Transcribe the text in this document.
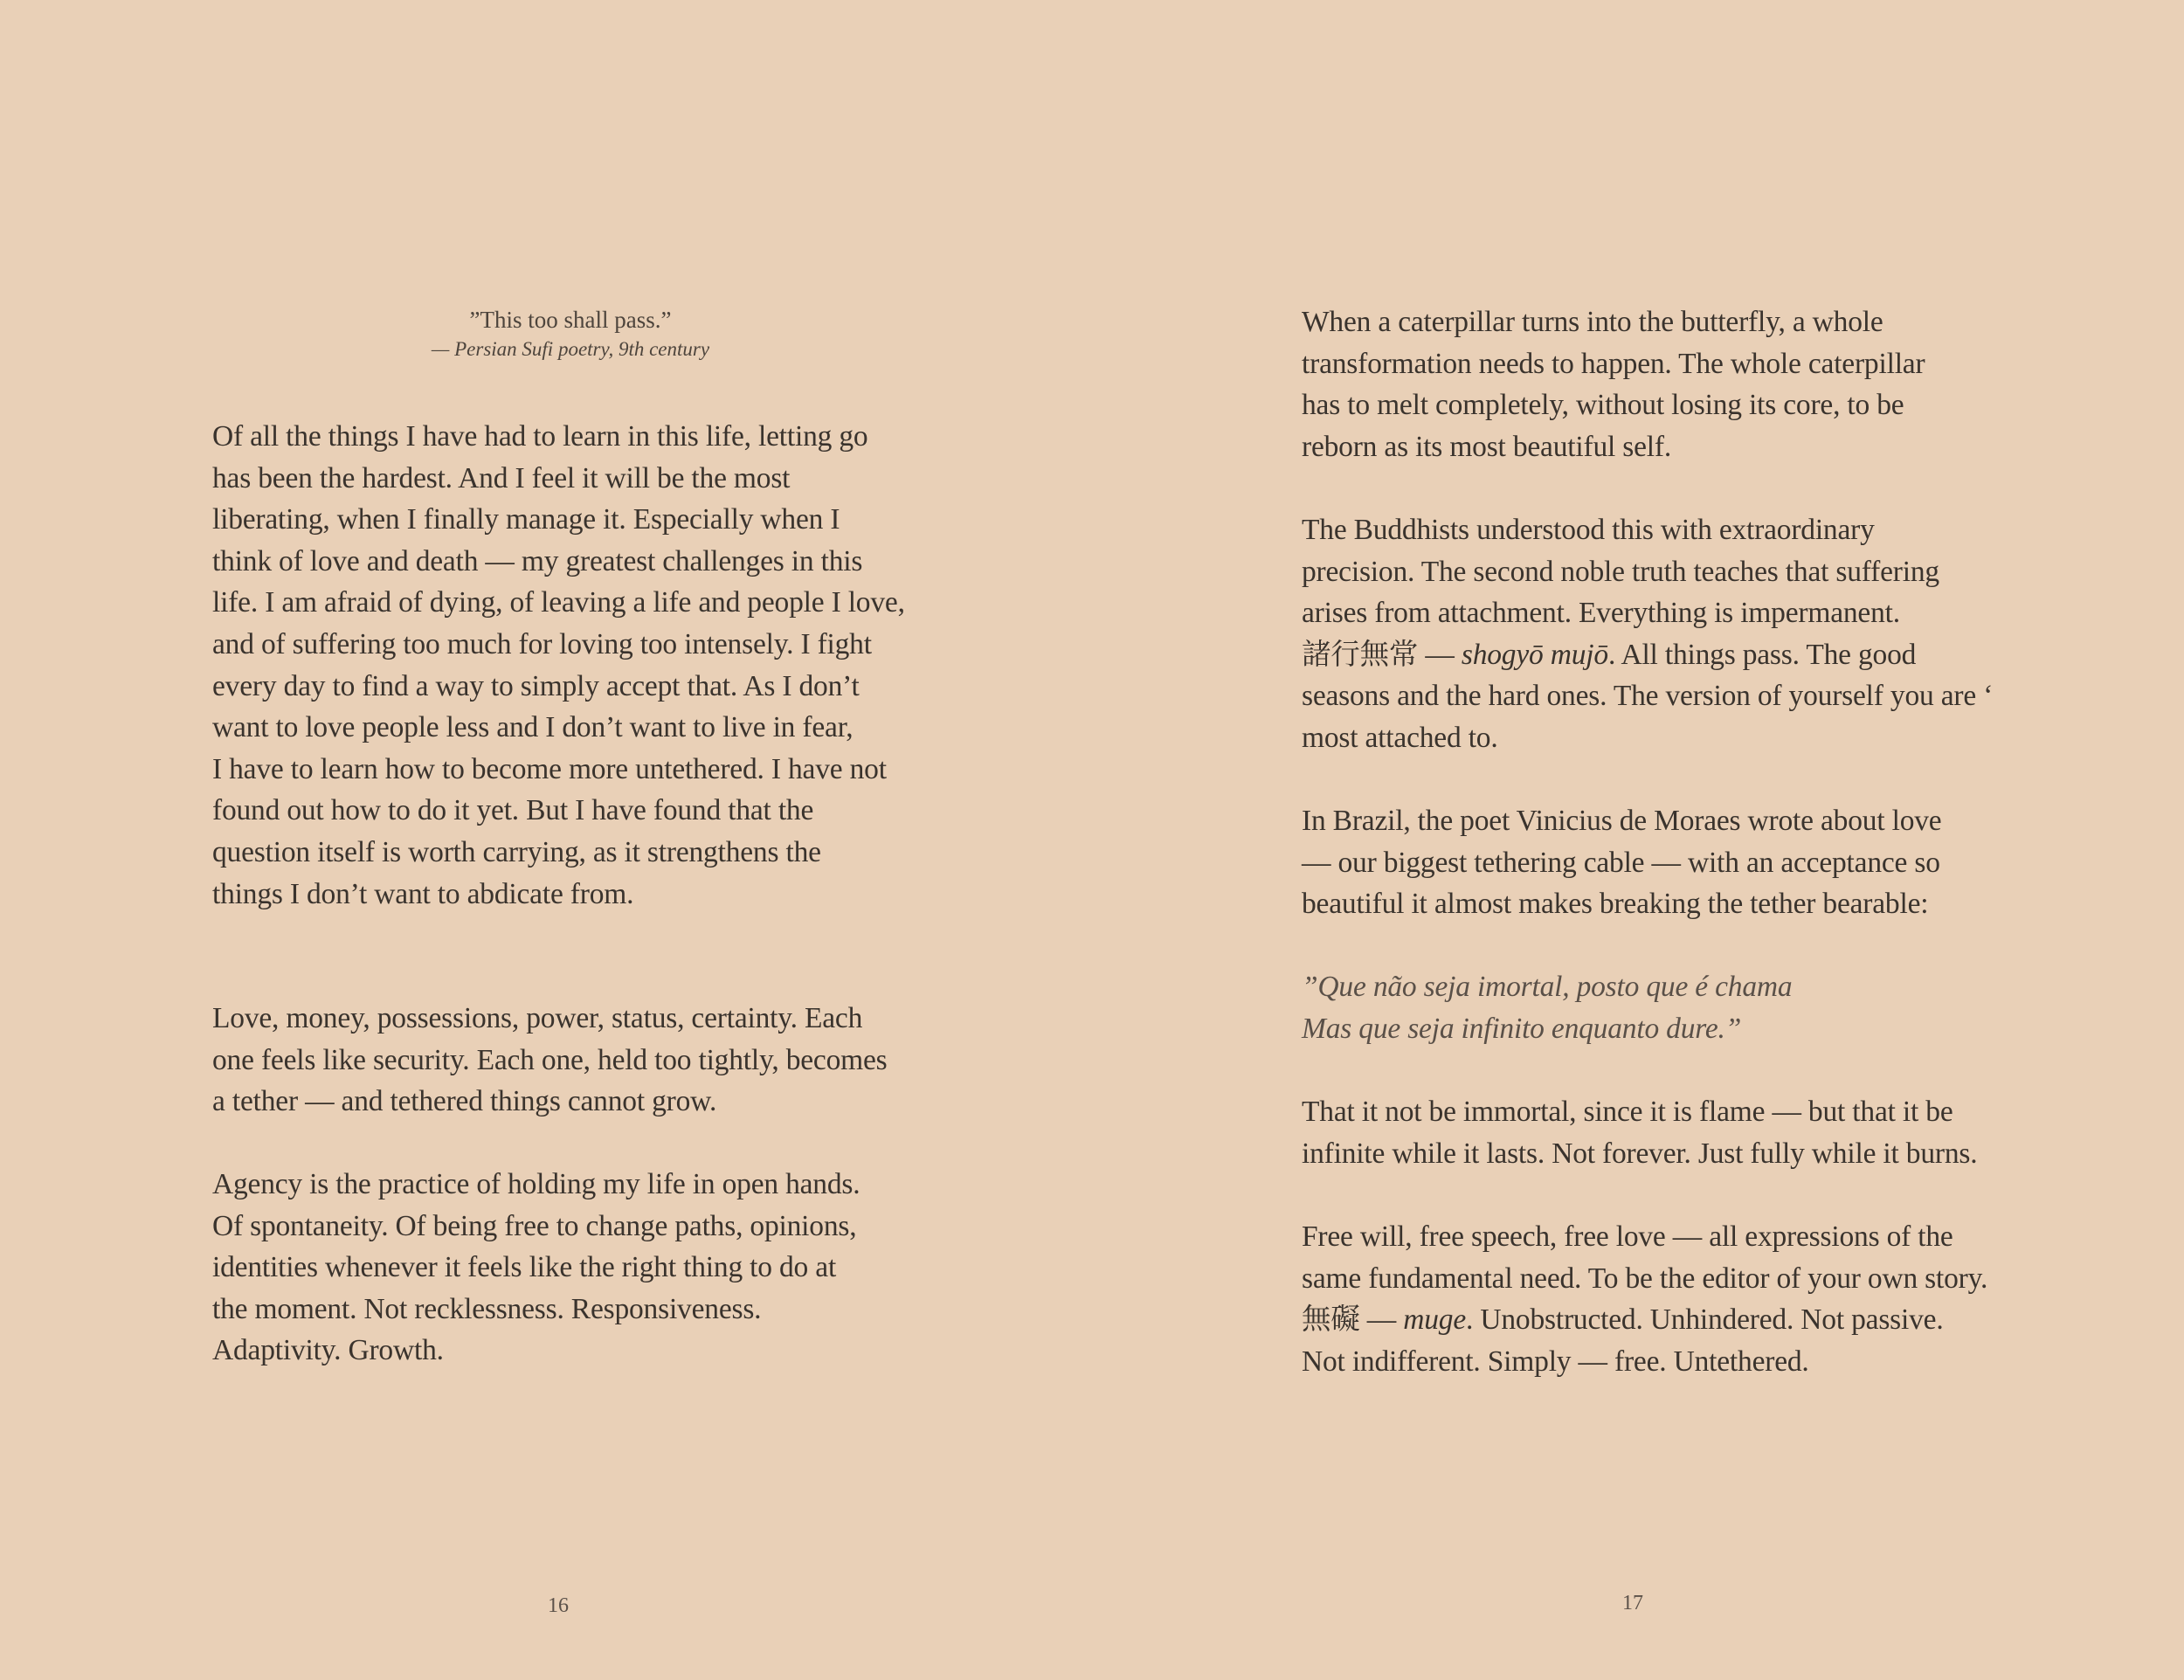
”This too shall pass.”
— Persian Sufi poetry, 9th century
Of all the things I have had to learn in this life, letting go
has been the hardest. And I feel it will be the most
liberating, when I finally manage it. Especially when I
think of love and death — my greatest challenges in this
life. I am afraid of dying, of leaving a life and people I love,
and of suffering too much for loving too intensely. I fight
every day to find a way to simply accept that. As I don’t
want to love people less and I don’t want to live in fear,
I have to learn how to become more untethered. I have not
found out how to do it yet. But I have found that the
question itself is worth carrying, as it strengthens the
things I don’t want to abdicate from.
Love, money, possessions, power, status, certainty. Each
one feels like security. Each one, held too tightly, becomes
a tether — and tethered things cannot grow.
Agency is the practice of holding my life in open hands.
Of spontaneity. Of being free to change paths, opinions,
identities whenever it feels like the right thing to do at
the moment. Not recklessness. Responsiveness.
Adaptivity. Growth.
16
When a caterpillar turns into the butterfly, a whole
transformation needs to happen. The whole caterpillar
has to melt completely, without losing its core, to be
reborn as its most beautiful self.
The Buddhists understood this with extraordinary
precision. The second noble truth teaches that suffering
arises from attachment. Everything is impermanent.
諸行無常 — shogyō mujō. All things pass. The good
seasons and the hard ones. The version of yourself you are ‘
most attached to.
In Brazil, the poet Vinicius de Moraes wrote about love
— our biggest tethering cable — with an acceptance so
beautiful it almost makes breaking the tether bearable:
”Que não seja imortal, posto que é chama
Mas que seja infinito enquanto dure.”
That it not be immortal, since it is flame — but that it be
infinite while it lasts. Not forever. Just fully while it burns.
Free will, free speech, free love — all expressions of the
same fundamental need. To be the editor of your own story.
無礙 — muge. Unobstructed. Unhindered. Not passive.
Not indifferent. Simply — free. Untethered.
17
